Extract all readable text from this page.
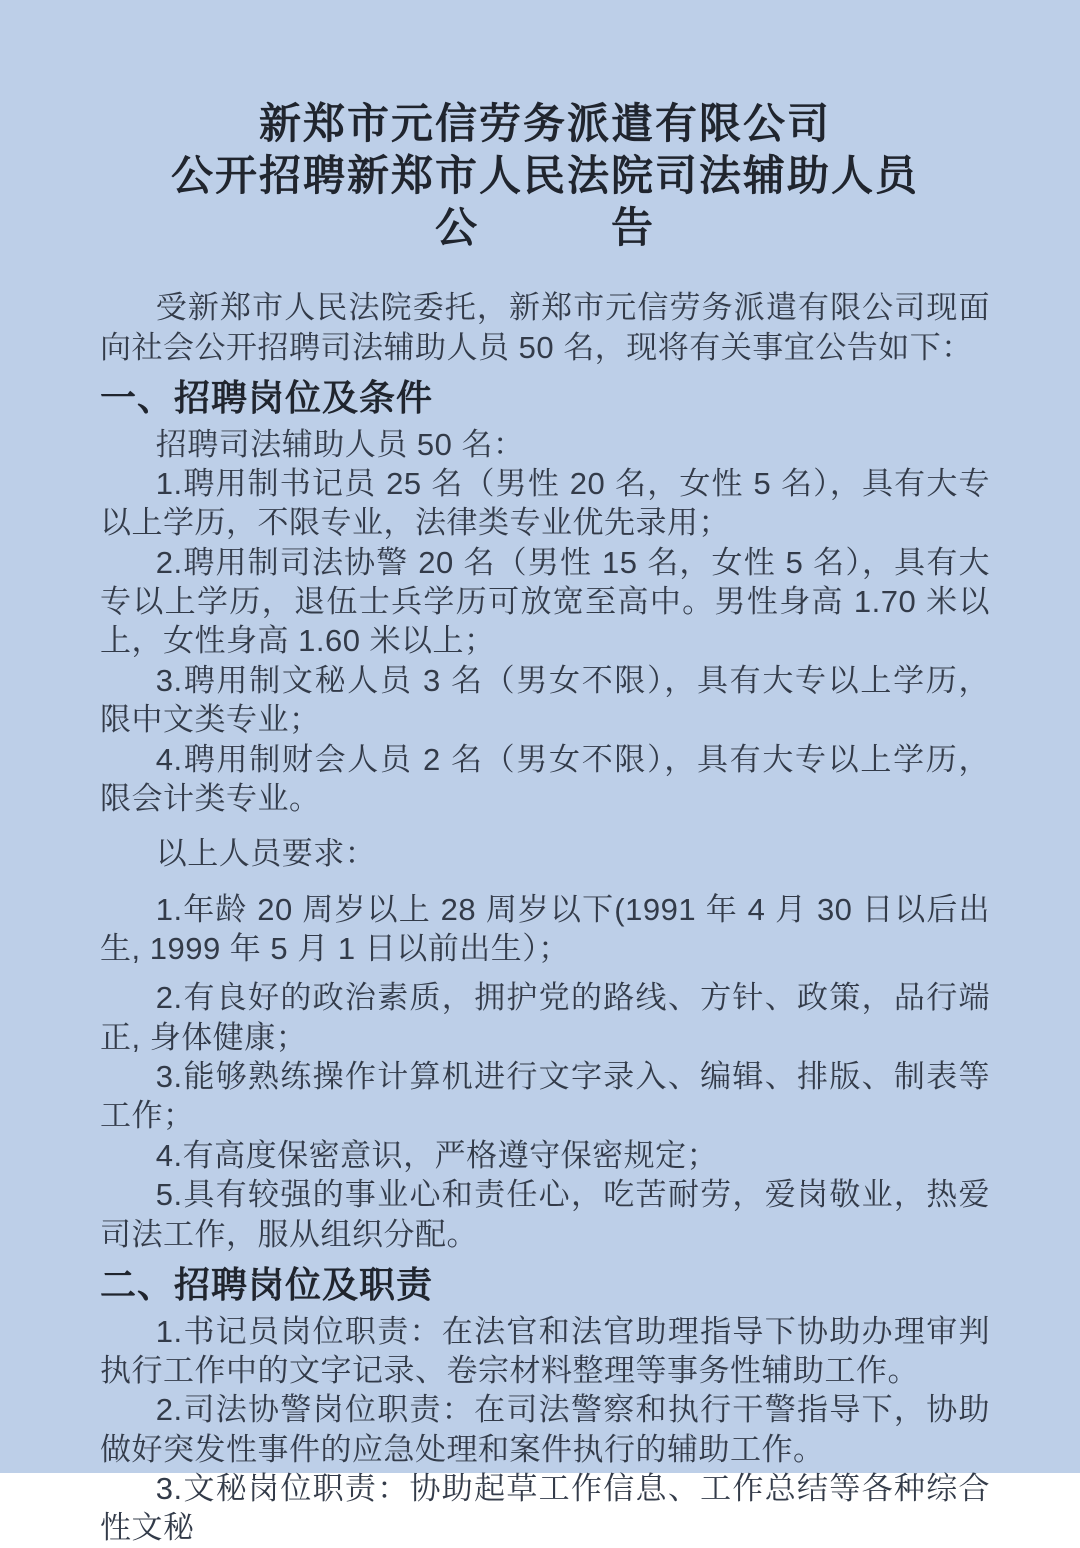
新郑市元信劳务派遣有限公司
公开招聘新郑市人民法院司法辅助人员
公　　　告

受新郑市人民法院委托，新郑市元信劳务派遣有限公司现面向社会公开招聘司法辅助人员 50 名，现将有关事宜公告如下：

一、招聘岗位及条件

招聘司法辅助人员 50 名：

1.聘用制书记员 25 名（男性 20 名，女性 5 名），具有大专以上学历，不限专业，法律类专业优先录用；

2.聘用制司法协警 20 名（男性 15 名，女性 5 名），具有大专以上学历，退伍士兵学历可放宽至高中。男性身高 1.70 米以上，女性身高 1.60 米以上；

3.聘用制文秘人员 3 名（男女不限），具有大专以上学历，限中文类专业；

4.聘用制财会人员 2 名（男女不限），具有大专以上学历，限会计类专业。

以上人员要求：

1.年龄 20 周岁以上 28 周岁以下(1991 年 4 月 30 日以后出生, 1999 年 5 月 1 日以前出生）；

2.有良好的政治素质，拥护党的路线、方针、政策，品行端正, 身体健康；

3.能够熟练操作计算机进行文字录入、编辑、排版、制表等工作；

4.有高度保密意识，严格遵守保密规定；

5.具有较强的事业心和责任心，吃苦耐劳，爱岗敬业，热爱司法工作，服从组织分配。

二、招聘岗位及职责

1.书记员岗位职责：在法官和法官助理指导下协助办理审判执行工作中的文字记录、卷宗材料整理等事务性辅助工作。

2.司法协警岗位职责：在司法警察和执行干警指导下，协助做好突发性事件的应急处理和案件执行的辅助工作。

3.文秘岗位职责：协助起草工作信息、工作总结等各种综合性文秘
